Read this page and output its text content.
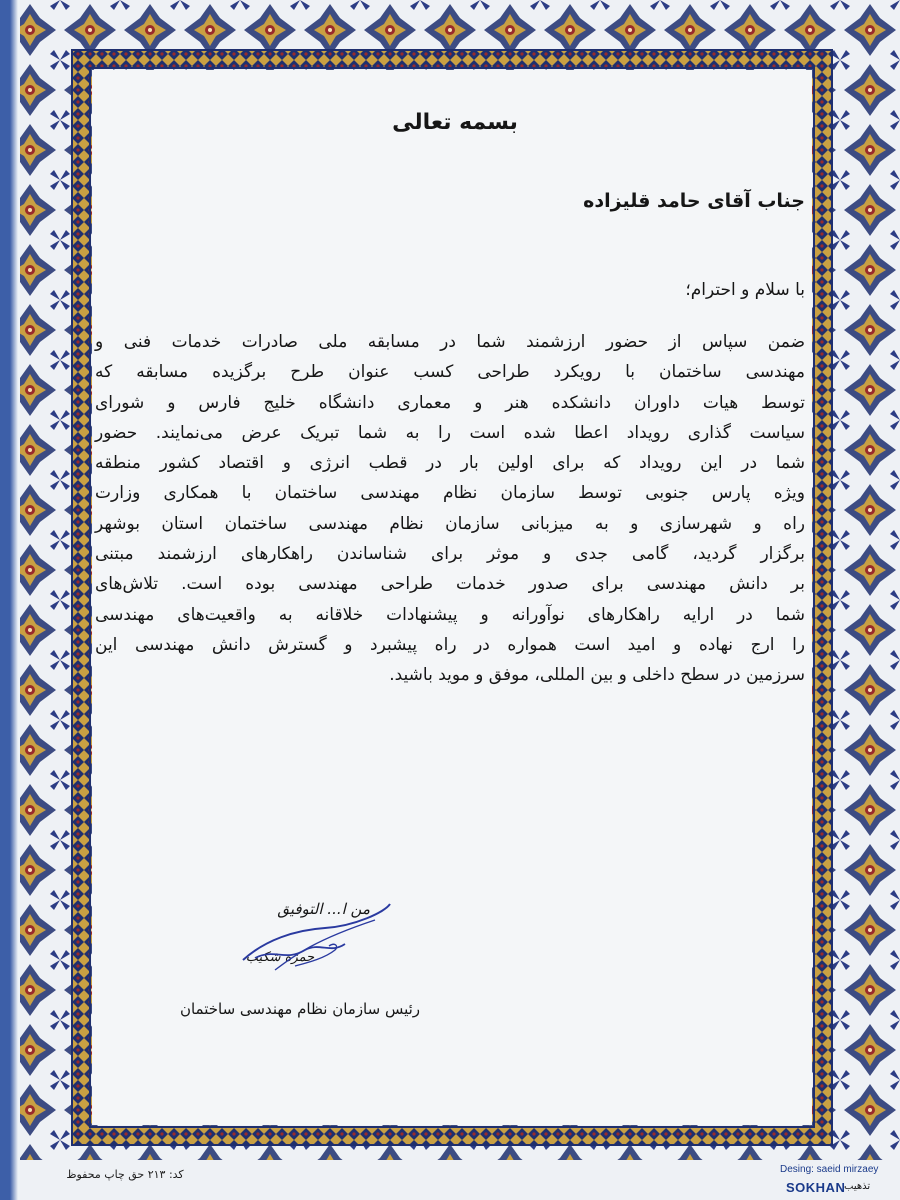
بسمه تعالی
جناب آقای حامد قلیزاده
با سلام و احترام؛
ضمن سپاس از حضور ارزشمند شما در مسابقه ملی صادرات خدمات فنی و
مهندسی ساختمان با رویکرد طراحی کسب عنوان طرح برگزیده مسابقه که
توسط هیات داوران دانشکده هنر و معماری دانشگاه خلیج فارس و شورای
سیاست گذاری رویداد اعطا شده است را به شما تبریک عرض می‌نمایند. حضور
شما در این رویداد که برای اولین بار در قطب انرژی و اقتصاد کشور منطقه
ویژه پارس جنوبی توسط سازمان نظام مهندسی ساختمان با همکاری وزارت
راه و شهرسازی و به میزبانی سازمان نظام مهندسی ساختمان استان بوشهر
برگزار گردید، گامی جدی و موثر برای شناساندن راهکارهای ارزشمند مبتنی
بر دانش مهندسی برای صدور خدمات طراحی مهندسی بوده است. تلاش‌های
شما در ارایه راهکارهای نوآورانه و پیشنهادات خلاقانه به واقعیت‌های مهندسی
را ارج نهاده و امید است همواره در راه پیشبرد و گسترش دانش مهندسی این
سرزمین در سطح داخلی و بین المللی، موفق و موید باشید.
من ا... التوفیق
حمزه شکیب
رئیس سازمان نظام مهندسی ساختمان
کد: ۲۱۳ حق چاپ محفوظ	Desing: saeid mirzaey
SOKHAN
تذهیب
